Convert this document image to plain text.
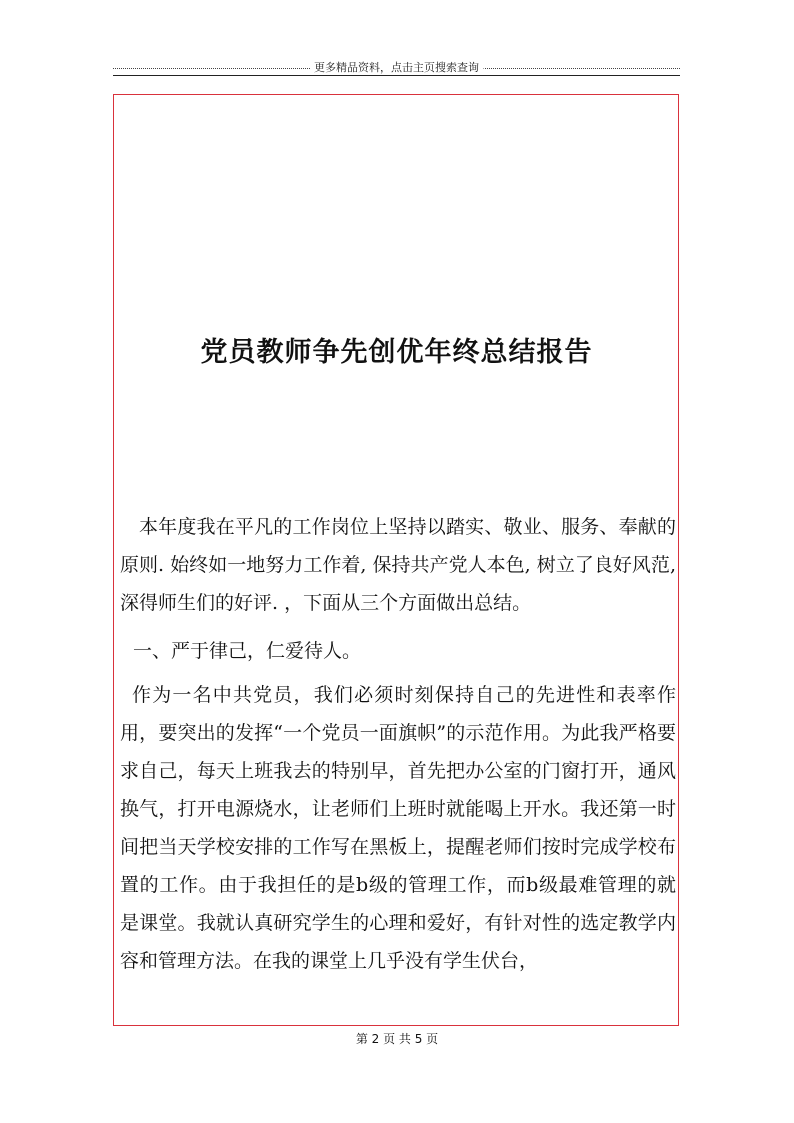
更多精品资料，点击主页搜索查询
党员教师争先创优年终总结报告

本年度我在平凡的工作岗位上坚持以踏实、敬业、服务、奉献的原则. 始终如一地努力工作着, 保持共产党人本色, 树立了良好风范, 深得师生们的好评. ，下面从三个方面做出总结。

一、严于律己，仁爱待人。

作为一名中共党员，我们必须时刻保持自己的先进性和表率作用，要突出的发挥“一个党员一面旗帜”的示范作用。为此我严格要求自己，每天上班我去的特别早，首先把办公室的门窗打开，通风换气，打开电源烧水，让老师们上班时就能喝上开水。我还第一时间把当天学校安排的工作写在黑板上，提醒老师们按时完成学校布置的工作。由于我担任的是b级的管理工作，而b级最难管理的就是课堂。我就认真研究学生的心理和爱好，有针对性的选定教学内容和管理方法。在我的课堂上几乎没有学生伏台，

第 2 页 共 5 页
